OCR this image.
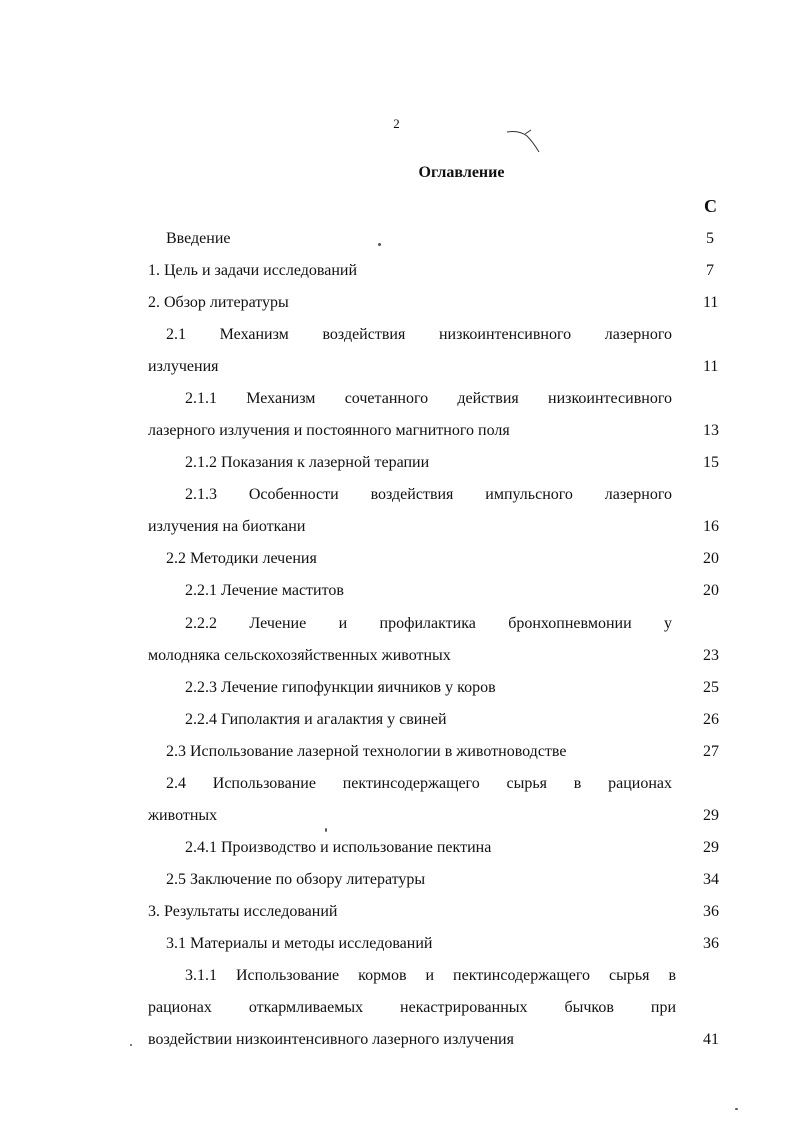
2
Оглавление
С
Введение	5
1. Цель и задачи исследований	7
2. Обзор литературы	11
2.1 Механизм воздействия низкоинтенсивного лазерного
излучения	11
2.1.1 Механизм сочетанного действия низкоинтесивного
лазерного излучения и постоянного магнитного поля	13
2.1.2 Показания к лазерной терапии	15
2.1.3 Особенности воздействия импульсного лазерного
излучения на биоткани	16
2.2 Методики лечения	20
2.2.1 Лечение маститов	20
2.2.2 Лечение и профилактика бронхопневмонии у
молодняка сельскохозяйственных животных	23
2.2.3 Лечение гипофункции яичников у коров	25
2.2.4 Гиполактия и агалактия у свиней	26
2.3 Использование лазерной технологии в животноводстве	27
2.4 Использование пектинсодержащего сырья в рационах
животных	29
2.4.1 Производство и использование пектина	29
2.5 Заключение по обзору литературы	34
3. Результаты исследований	36
3.1 Материалы и методы исследований	36
3.1.1 Использование кормов и пектинсодержащего сырья в
рационах откармливаемых некастрированных бычков при
воздействии низкоинтенсивного лазерного излучения	41
